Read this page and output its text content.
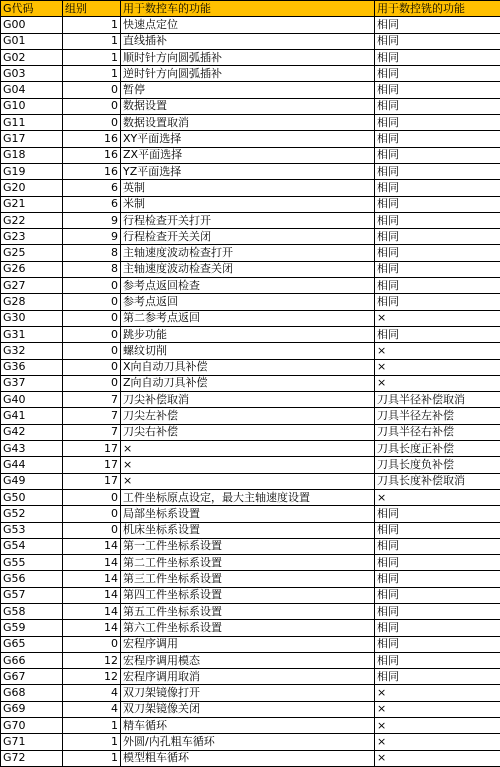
G代码	组别	用于数控车的功能	用于数控铣的功能
G00	1	快速点定位	相同
G01	1	直线插补	相同
G02	1	顺时针方向圆弧插补	相同
G03	1	逆时针方向圆弧插补	相同
G04	0	暂停	相同
G10	0	数据设置	相同
G11	0	数据设置取消	相同
G17	16	XY平面选择	相同
G18	16	ZX平面选择	相同
G19	16	YZ平面选择	相同
G20	6	英制	相同
G21	6	米制	相同
G22	9	行程检查开关打开	相同
G23	9	行程检查开关关闭	相同
G25	8	主轴速度波动检查打开	相同
G26	8	主轴速度波动检查关闭	相同
G27	0	参考点返回检查	相同
G28	0	参考点返回	相同
G30	0	第二参考点返回	×
G31	0	跳步功能	相同
G32	0	螺纹切削	×
G36	0	X向自动刀具补偿	×
G37	0	Z向自动刀具补偿	×
G40	7	刀尖补偿取消	刀具半径补偿取消
G41	7	刀尖左补偿	刀具半径左补偿
G42	7	刀尖右补偿	刀具半径右补偿
G43	17	×	刀具长度正补偿
G44	17	×	刀具长度负补偿
G49	17	×	刀具长度补偿取消
G50	0	工件坐标原点设定，最大主轴速度设置	×
G52	0	局部坐标系设置	相同
G53	0	机床坐标系设置	相同
G54	14	第一工件坐标系设置	相同
G55	14	第二工件坐标系设置	相同
G56	14	第三工件坐标系设置	相同
G57	14	第四工件坐标系设置	相同
G58	14	第五工件坐标系设置	相同
G59	14	第六工件坐标系设置	相同
G65	0	宏程序调用	相同
G66	12	宏程序调用模态	相同
G67	12	宏程序调用取消	相同
G68	4	双刀架镜像打开	×
G69	4	双刀架镜像关闭	×
G70	1	精车循环	×
G71	1	外圆/内孔粗车循环	×
G72	1	模型粗车循环	×
